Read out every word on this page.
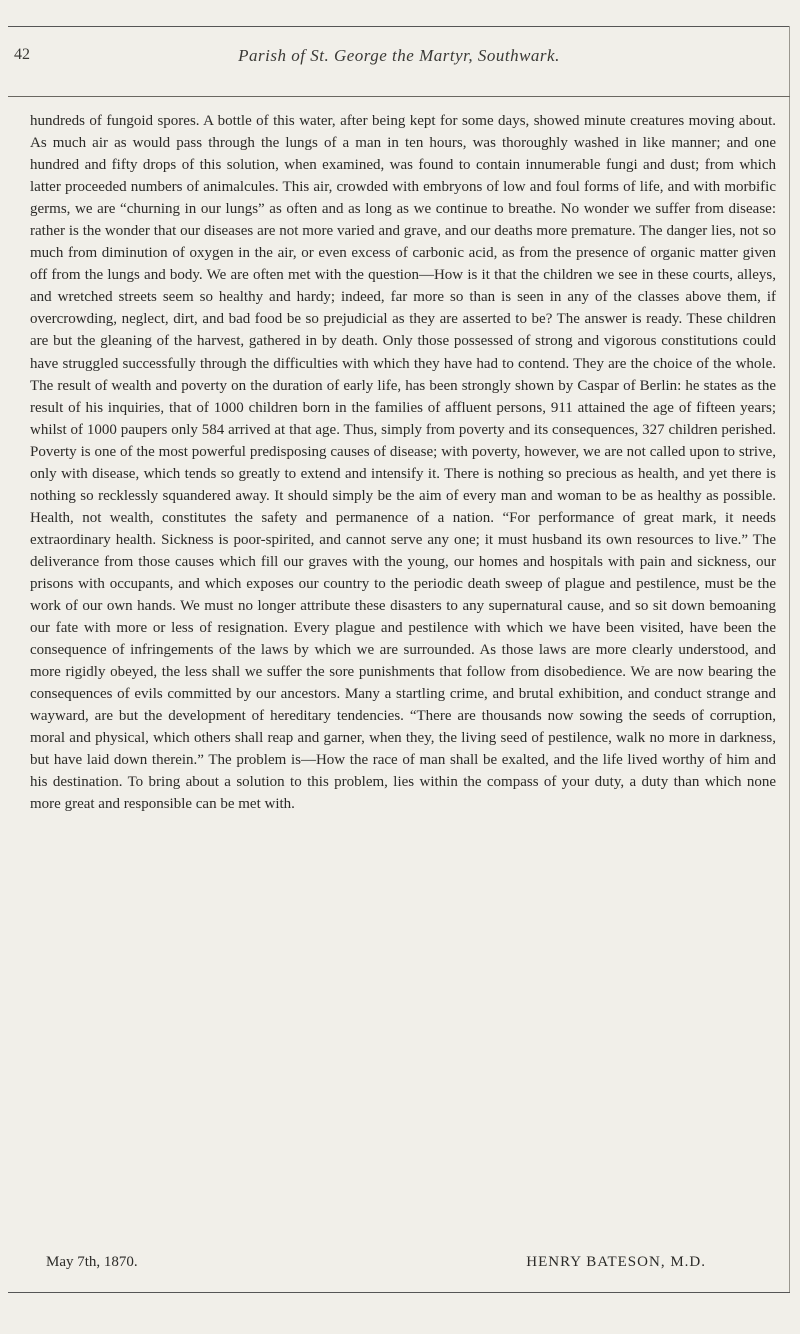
42	Parish of St. George the Martyr, Southwark.

hundreds of fungoid spores. A bottle of this water, after being kept for some days, showed minute creatures moving about. As much air as would pass through the lungs of a man in ten hours, was thoroughly washed in like manner; and one hundred and fifty drops of this solution, when examined, was found to contain innumerable fungi and dust; from which latter proceeded numbers of animalcules. This air, crowded with embryons of low and foul forms of life, and with morbific germs, we are “churning in our lungs” as often and as long as we continue to breathe. No wonder we suffer from disease: rather is the wonder that our diseases are not more varied and grave, and our deaths more premature. The danger lies, not so much from diminution of oxygen in the air, or even excess of carbonic acid, as from the presence of organic matter given off from the lungs and body. We are often met with the question—How is it that the children we see in these courts, alleys, and wretched streets seem so healthy and hardy; indeed, far more so than is seen in any of the classes above them, if overcrowding, neglect, dirt, and bad food be so prejudicial as they are asserted to be? The answer is ready. These children are but the gleaning of the harvest, gathered in by death. Only those possessed of strong and vigorous constitutions could have struggled successfully through the difficulties with which they have had to contend. They are the choice of the whole. The result of wealth and poverty on the duration of early life, has been strongly shown by Caspar of Berlin: he states as the result of his inquiries, that of 1000 children born in the families of affluent persons, 911 attained the age of fifteen years; whilst of 1000 paupers only 584 arrived at that age. Thus, simply from poverty and its consequences, 327 children perished. Poverty is one of the most powerful predisposing causes of disease; with poverty, however, we are not called upon to strive, only with disease, which tends so greatly to extend and intensify it. There is nothing so precious as health, and yet there is nothing so recklessly squandered away. It should simply be the aim of every man and woman to be as healthy as possible. Health, not wealth, constitutes the safety and permanence of a nation. “For performance of great mark, it needs extraordinary health. Sickness is poor-spirited, and cannot serve any one; it must husband its own resources to live.” The deliverance from those causes which fill our graves with the young, our homes and hospitals with pain and sickness, our prisons with occupants, and which exposes our country to the periodic death sweep of plague and pestilence, must be the work of our own hands. We must no longer attribute these disasters to any supernatural cause, and so sit down bemoaning our fate with more or less of resignation. Every plague and pestilence with which we have been visited, have been the consequence of infringements of the laws by which we are surrounded. As those laws are more clearly understood, and more rigidly obeyed, the less shall we suffer the sore punishments that follow from disobedience. We are now bearing the consequences of evils committed by our ancestors. Many a startling crime, and brutal exhibition, and conduct strange and wayward, are but the development of hereditary tendencies. “There are thousands now sowing the seeds of corruption, moral and physical, which others shall reap and garner, when they, the living seed of pestilence, walk no more in darkness, but have laid down therein.” The problem is—How the race of man shall be exalted, and the life lived worthy of him and his destination. To bring about a solution to this problem, lies within the compass of your duty, a duty than which none more great and responsible can be met with.

May 7th, 1870.	HENRY BATESON, M.D.
